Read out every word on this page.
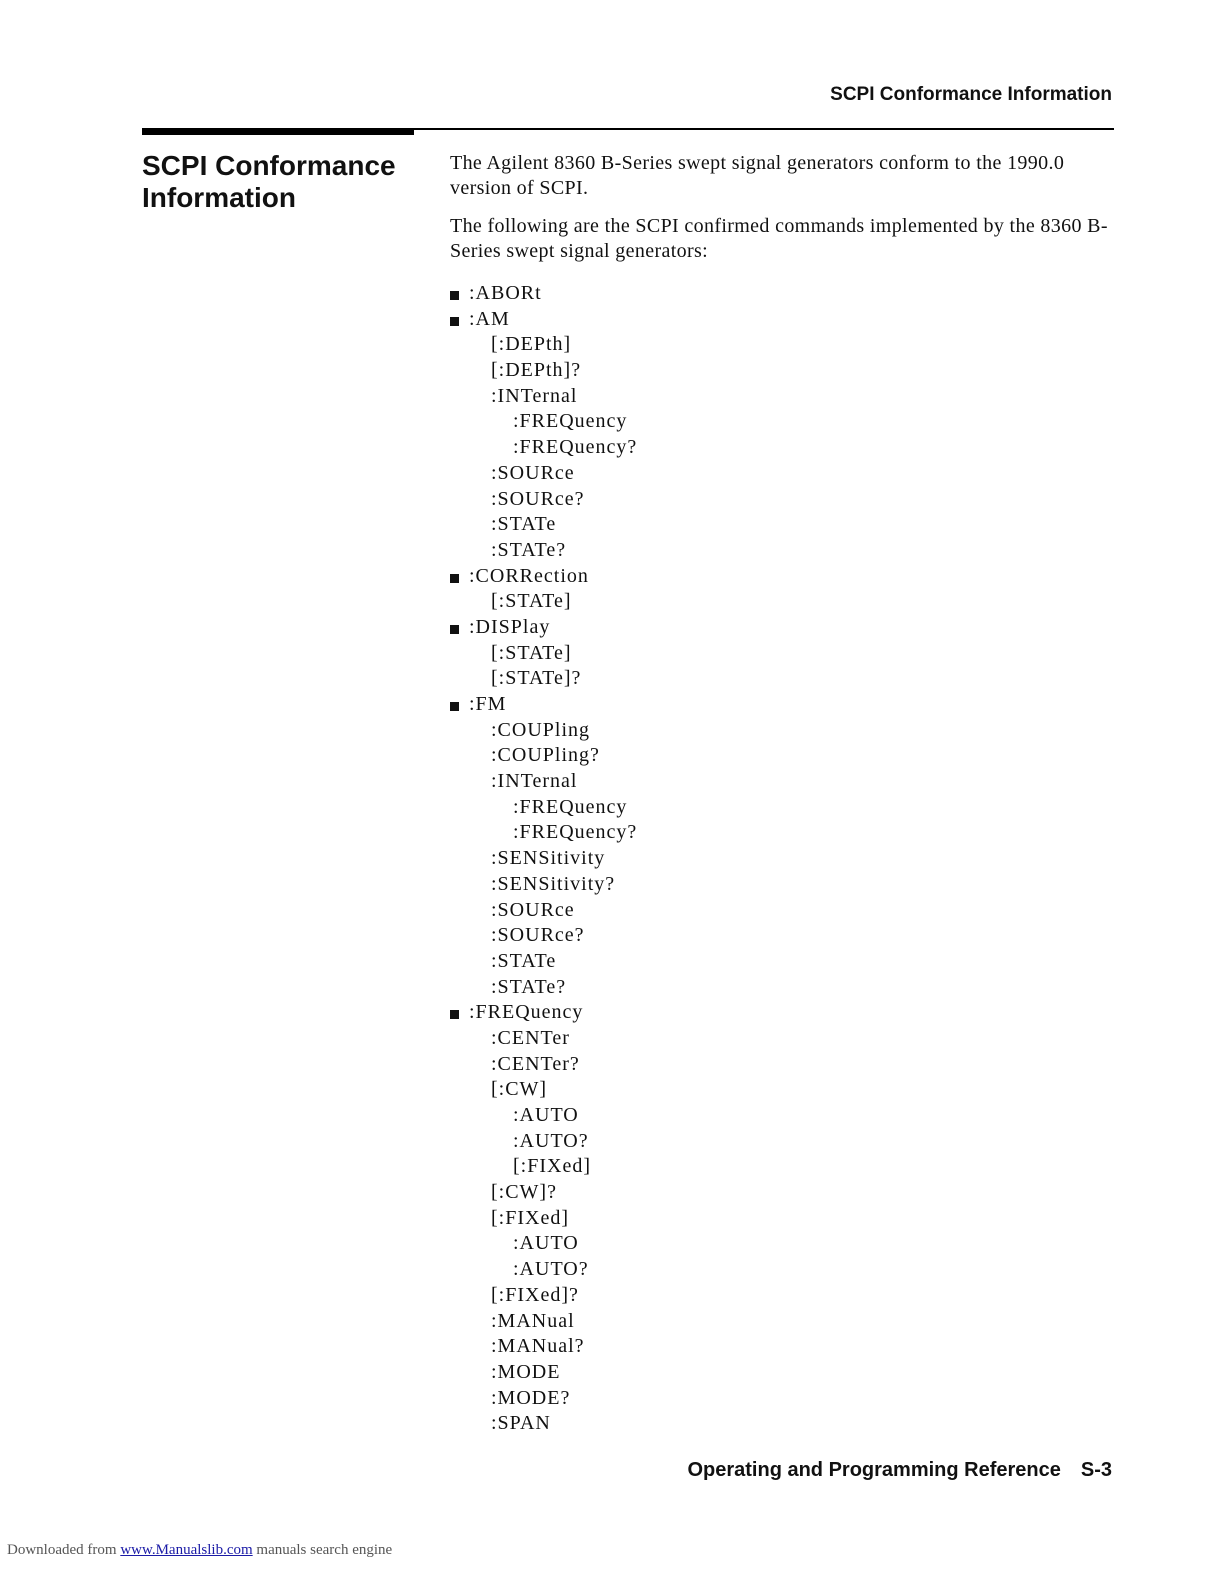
SCPI Conformance Information
SCPI Conformance
Information

The Agilent 8360 B-Series swept signal generators conform to the 1990.0 version of SCPI.

The following are the SCPI confirmed commands implemented by the 8360 B-Series swept signal generators:

:ABORt
:AM
[:DEPth]
[:DEPth]?
:INTernal
:FREQuency
:FREQuency?
:SOURce
:SOURce?
:STATe
:STATe?
:CORRection
[:STATe]
:DISPlay
[:STATe]
[:STATe]?
:FM
:COUPling
:COUPling?
:INTernal
:FREQuency
:FREQuency?
:SENSitivity
:SENSitivity?
:SOURce
:SOURce?
:STATe
:STATe?
:FREQuency
:CENTer
:CENTer?
[:CW]
:AUTO
:AUTO?
[:FIXed]
[:CW]?
[:FIXed]
:AUTO
:AUTO?
[:FIXed]?
:MANual
:MANual?
:MODE
:MODE?
:SPAN
Operating and Programming Reference S-3
Downloaded from www.Manualslib.com manuals search engine
